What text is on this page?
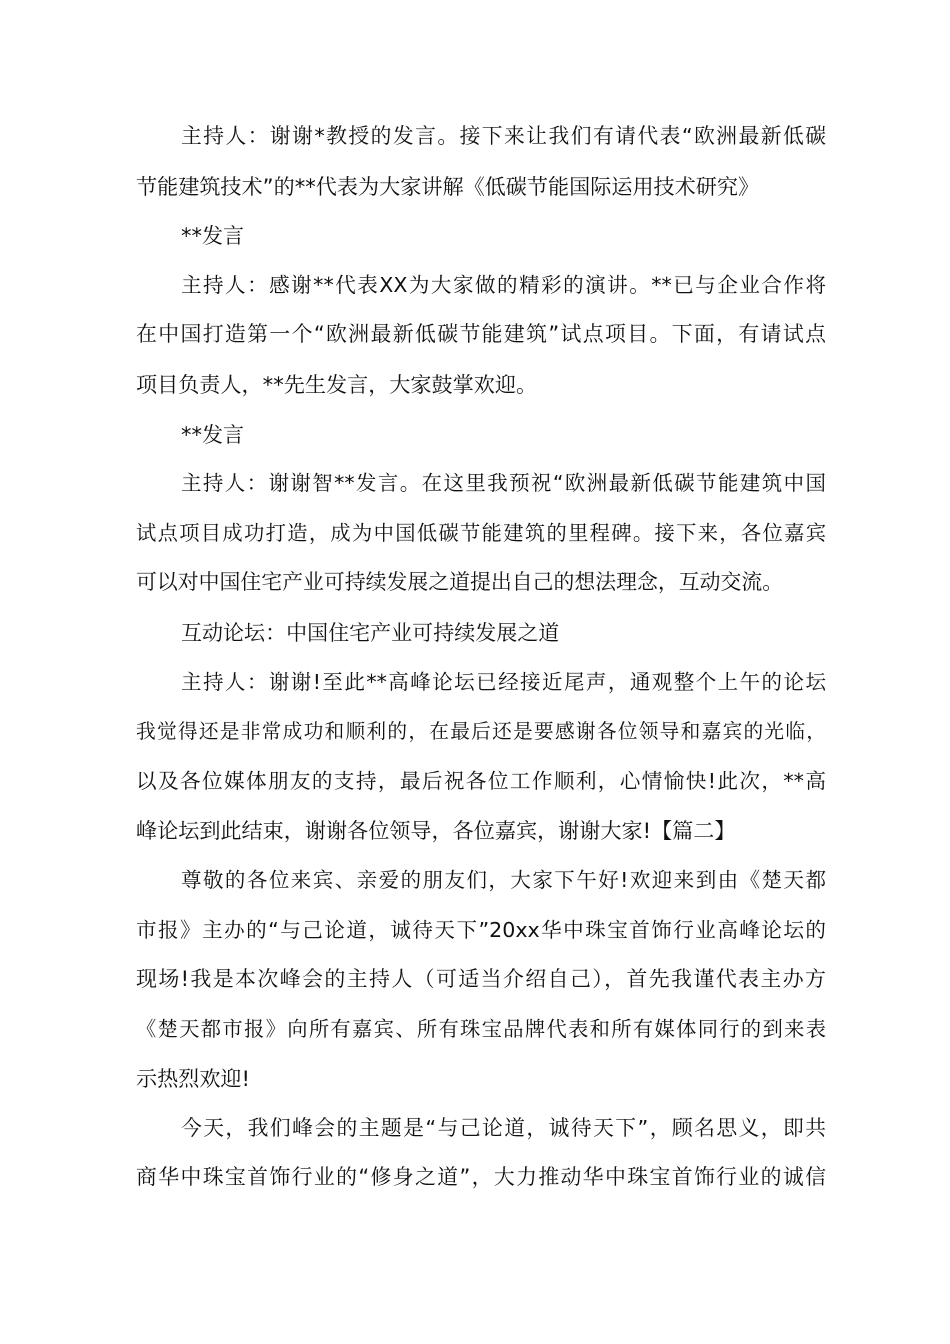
主持人：谢谢*教授的发言。接下来让我们有请代表“欧洲最新低碳
节能建筑技术”的**代表为大家讲解《低碳节能国际运用技术研究》
**发言
主持人：感谢**代表XX为大家做的精彩的演讲。**已与企业合作将
在中国打造第一个“欧洲最新低碳节能建筑”试点项目。下面，有请试点
项目负责人，**先生发言，大家鼓掌欢迎。
**发言
主持人：谢谢智**发言。在这里我预祝“欧洲最新低碳节能建筑中国
试点项目成功打造，成为中国低碳节能建筑的里程碑。接下来，各位嘉宾
可以对中国住宅产业可持续发展之道提出自己的想法理念，互动交流。
互动论坛：中国住宅产业可持续发展之道
主持人：谢谢!至此**高峰论坛已经接近尾声，通观整个上午的论坛
我觉得还是非常成功和顺利的，在最后还是要感谢各位领导和嘉宾的光临，
以及各位媒体朋友的支持，最后祝各位工作顺利，心情愉快!此次，**高
峰论坛到此结束，谢谢各位领导，各位嘉宾，谢谢大家!【篇二】
尊敬的各位来宾、亲爱的朋友们，大家下午好!欢迎来到由《楚天都
市报》主办的“与己论道，诚待天下”20xx华中珠宝首饰行业高峰论坛的
现场!我是本次峰会的主持人（可适当介绍自己），首先我谨代表主办方
《楚天都市报》向所有嘉宾、所有珠宝品牌代表和所有媒体同行的到来表
示热烈欢迎!
今天，我们峰会的主题是“与己论道，诚待天下”，顾名思义，即共
商华中珠宝首饰行业的“修身之道”，大力推动华中珠宝首饰行业的诚信
